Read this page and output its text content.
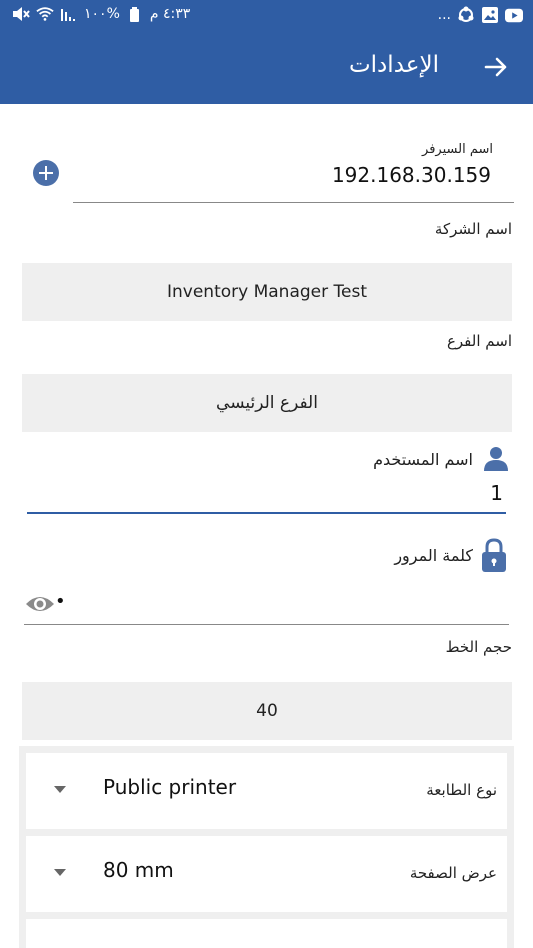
٤:٣٣ م
%١٠٠	...
الإعدادات
اسم السيرفر
192.168.30.159
اسم الشركة
Inventory Manager Test
اسم الفرع
الفرع الرئيسي
اسم المستخدم
1
كلمة المرور
•
حجم الخط
40
نوع الطابعة
Public printer
عرض الصفحة
80 mm
